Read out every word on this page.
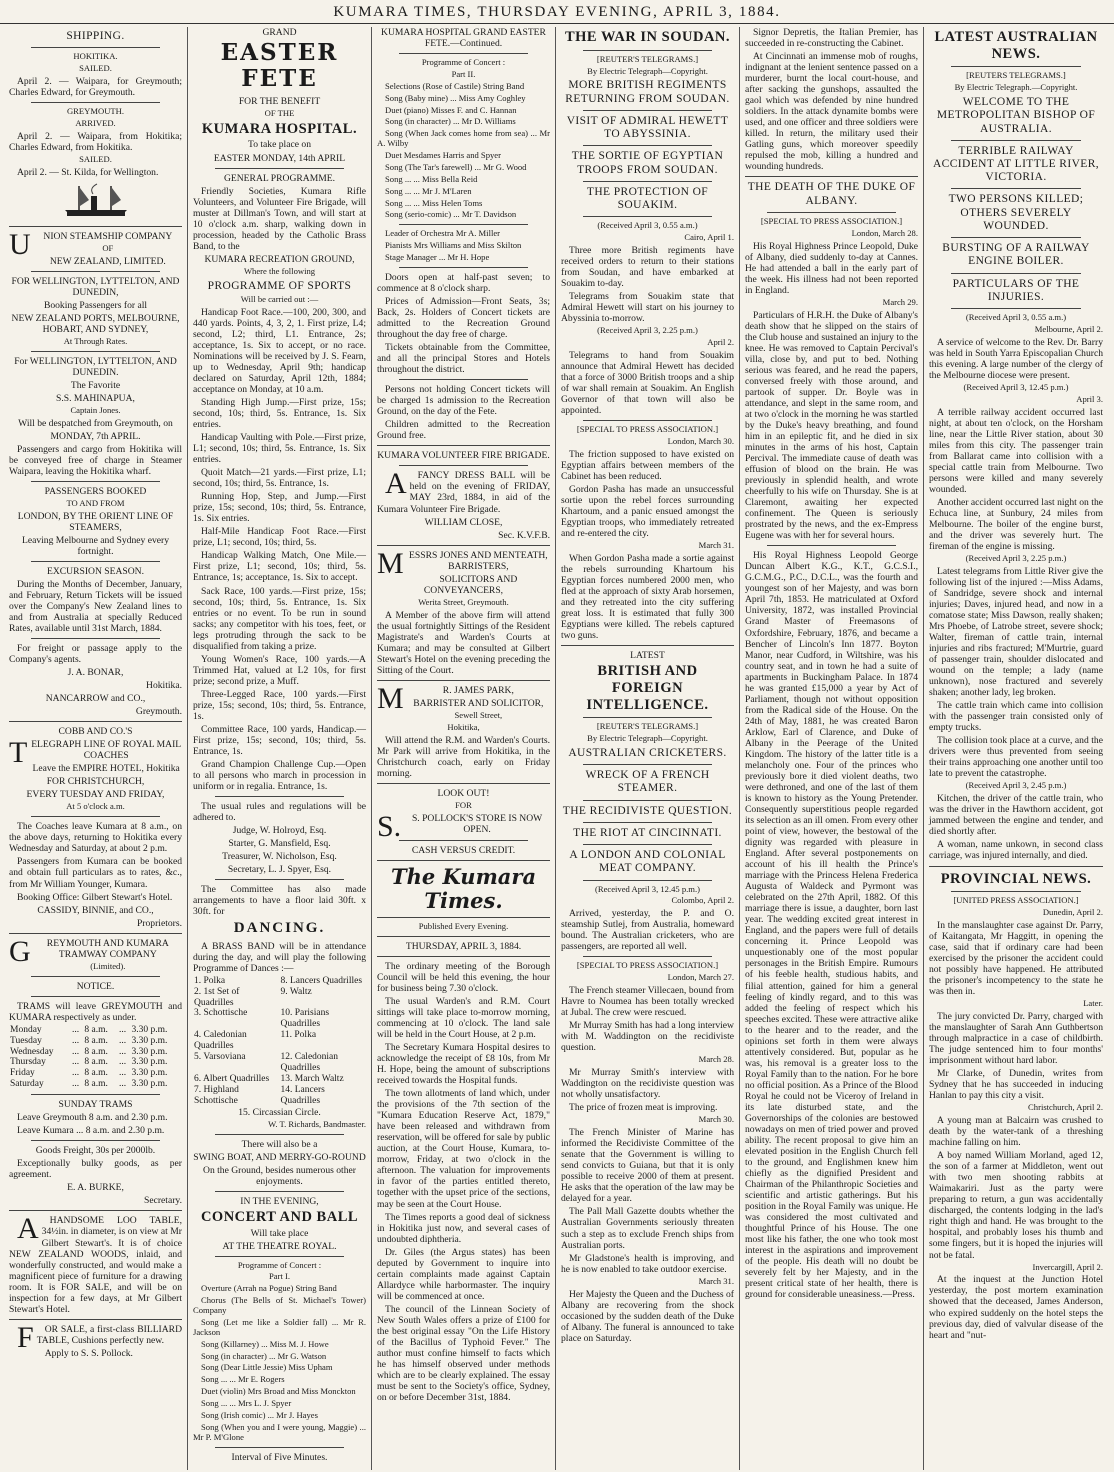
KUMARA TIMES, THURSDAY EVENING, APRIL 3, 1884.

SHIPPING.

HOKITIKA.

SAILED.

April 2. — Waipara, for Greymouth; Charles Edward, for Greymouth.

GREYMOUTH.

ARRIVED.

April 2. — Waipara, from Hokitika; Charles Edward, from Hokitika.

SAILED.

April 2. — St. Kilda, for Wellington.

U NION STEAMSHIP COMPANY

OF

NEW ZEALAND, LIMITED.

FOR WELLINGTON, LYTTELTON, AND DUNEDIN,

Booking Passengers for all

NEW ZEALAND PORTS, MELBOURNE, HOBART, AND SYDNEY,

At Through Rates.

For WELLINGTON, LYTTELTON, AND DUNEDIN.

The Favorite

S.S. MAHINAPUA,

Captain Jones.

Will be despatched from Greymouth, on

MONDAY, 7th APRIL.

Passengers and cargo from Hokitika will be conveyed free of charge in Steamer Waipara, leaving the Hokitika wharf.

PASSENGERS BOOKED

TO AND FROM

LONDON, BY THE ORIENT LINE OF STEAMERS,

Leaving Melbourne and Sydney every fortnight.

EXCURSION SEASON.

During the Months of December, January, and February, Return Tickets will be issued over the Company's New Zealand lines to and from Australia at specially Reduced Rates, available until 31st March, 1884.

For freight or passage apply to the Company's agents.

J. A. BONAR,

Hokitika.

NANCARROW and CO.,

Greymouth.

COBB AND CO.'S

TELEGRAPH LINE OF ROYAL MAIL COACHES

Leave the EMPIRE HOTEL, Hokitika

FOR CHRISTCHURCH,

EVERY TUESDAY AND FRIDAY,

At 5 o'clock a.m.

The Coaches leave Kumara at 8 a.m., on the above days, returning to Hokitika every Wednesday and Saturday, at about 2 p.m.

Passengers from Kumara can be booked and obtain full particulars as to rates, &c., from Mr William Younger, Kumara.

Booking Office: Gilbert Stewart's Hotel.

CASSIDY, BINNIE, and CO.,

Proprietors.

G REYMOUTH AND KUMARA TRAMWAY COMPANY

(Limited).

NOTICE.

TRAMS will leave GREYMOUTH and KUMARA respectively as under.

Monday	...	8 a.m.	...	3.30 p.m.
Tuesday	...	8 a.m.	...	3.30 p.m.
Wednesday	...	8 a.m.	...	3.30 p.m.
Thursday	...	8 a.m.	...	3.30 p.m.
Friday	...	8 a.m.	...	3.30 p.m.
Saturday	...	8 a.m.	...	3.30 p.m.

SUNDAY TRAMS

Leave Greymouth 8 a.m. and 2.30 p.m.

Leave Kumara ... 8 a.m. and 2.30 p.m.

Goods Freight, 30s per 2000lb.

Exceptionally bulky goods, as per agreement.

E. A. BURKE,

Secretary.

A HANDSOME LOO TABLE, 34½in. in diameter, is on view at Mr Gilbert Stewart's. It is of choice NEW ZEALAND WOODS, inlaid, and wonderfully constructed, and would make a magnificent piece of furniture for a drawing room. It is FOR SALE, and will be on inspection for a few days, at Mr Gilbert Stewart's Hotel.

F OR SALE, a first-class BILLIARD TABLE, Cushions perfectly new.

Apply to S. S. Pollock.

GRAND

EASTER FETE

FOR THE BENEFIT

OF THE

KUMARA HOSPITAL.

To take place on

EASTER MONDAY, 14th APRIL

GENERAL PROGRAMME.

Friendly Societies, Kumara Rifle Volunteers, and Volunteer Fire Brigade, will muster at Dillman's Town, and will start at 10 o'clock a.m. sharp, walking down in procession, headed by the Catholic Brass Band, to the

KUMARA RECREATION GROUND,

Where the following

PROGRAMME OF SPORTS

Will be carried out :—

Handicap Foot Race.—100, 200, 300, and 440 yards. Points, 4, 3, 2, 1. First prize, L4; second, L2; third, L1. Entrance, 2s; acceptance, 1s. Six to accept, or no race. Nominations will be received by J. S. Fearn, up to Wednesday, April 9th; handicap declared on Saturday, April 12th, 1884; acceptance on Monday, at 10 a.m.

Standing High Jump.—First prize, 15s; second, 10s; third, 5s. Entrance, 1s. Six entries.

Handicap Vaulting with Pole.—First prize, L1; second, 10s; third, 5s. Entrance, 1s. Six entries.

Quoit Match—21 yards.—First prize, L1; second, 10s; third, 5s. Entrance, 1s.

Running Hop, Step, and Jump.—First prize, 15s; second, 10s; third, 5s. Entrance, 1s. Six entries.

Half-Mile Handicap Foot Race.—First prize, L1; second, 10s; third, 5s.

Handicap Walking Match, One Mile.—First prize, L1; second, 10s; third, 5s. Entrance, 1s; acceptance, 1s. Six to accept.

Sack Race, 100 yards.—First prize, 15s; second, 10s; third, 5s. Entrance, 1s. Six entries or no event. To be run in sound sacks; any competitor with his toes, feet, or legs protruding through the sack to be disqualified from taking a prize.

Young Women's Race, 100 yards.—A Trimmed Hat, valued at L2 10s, for first prize; second prize, a Muff.

Three-Legged Race, 100 yards.—First prize, 15s; second, 10s; third, 5s. Entrance, 1s.

Committee Race, 100 yards, Handicap.—First prize, 15s; second, 10s; third, 5s. Entrance, 1s.

Grand Champion Challenge Cup.—Open to all persons who march in procession in uniform or in regalia. Entrance, 1s.

The usual rules and regulations will be adhered to.

Judge, W. Holroyd, Esq.

Starter, G. Mansfield, Esq.

Treasurer, W. Nicholson, Esq.

Secretary, L. J. Spyer, Esq.

The Committee has also made arrangements to have a floor laid 30ft. x 30ft. for

DANCING.

A BRASS BAND will be in attendance during the day, and will play the following Programme of Dances :—

1. Polka	8. Lancers Quadrilles
2. 1st Set of Quadrilles	9. Waltz
3. Schottische	10. Parisians Quadrilles
4. Caledonian Quadrilles	11. Polka
5. Varsoviana	12. Caledonian Quadrilles
6. Albert Quadrilles	13. March Waltz
7. Highland Schottische	14. Lancers Quadrilles

15. Circassian Circle.

W. T. Richards, Bandmaster.

There will also be a

SWING BOAT, AND MERRY-GO-ROUND

On the Ground, besides numerous other enjoyments.

IN THE EVENING,

CONCERT AND BALL

Will take place

AT THE THEATRE ROYAL.

Programme of Concert :

Part I.

Overture (Arrah na Pogue) String Band

Chorus (The Bells of St. Michael's Tower) Company

Song (Let me like a Soldier fall) ... Mr R. Jackson

Song (Killarney) ... Miss M. J. Howe

Song (in character) ... Mr G. Watson

Song (Dear Little Jessie) Miss Upham

Song ... ... Mr E. Rogers

Duet (violin) Mrs Broad and Miss Monckton

Song ... ... Mrs L. J. Spyer

Song (Irish comic) ... Mr J. Hayes

Song (When you and I were young, Maggie) ... Mr P. M'Glone

Interval of Five Minutes.

KUMARA HOSPITAL GRAND EASTER FETE.—Continued.

Programme of Concert :

Part II.

Selections (Rose of Castile) String Band

Song (Baby mine) ... Miss Amy Coghley

Duet (piano) Misses F. and C. Hannan

Song (in character) ... Mr D. Williams

Song (When Jack comes home from sea) ... Mr A. Wilby

Duet Mesdames Harris and Spyer

Song (The Tar's farewell) ... Mr G. Wood

Song ... ... Miss Bella Reid

Song ... ... Mr J. M'Laren

Song ... ... Miss Helen Toms

Song (serio-comic) ... Mr T. Davidson

Leader of Orchestra Mr A. Miller

Pianists Mrs Williams and Miss Skilton

Stage Manager ... Mr H. Hope

Doors open at half-past seven; to commence at 8 o'clock sharp.

Prices of Admission—Front Seats, 3s; Back, 2s. Holders of Concert tickets are admitted to the Recreation Ground throughout the day free of charge.

Tickets obtainable from the Committee, and all the principal Stores and Hotels throughout the district.

Persons not holding Concert tickets will be charged 1s admission to the Recreation Ground, on the day of the Fete.

Children admitted to the Recreation Ground free.

KUMARA VOLUNTEER FIRE BRIGADE.

A FANCY DRESS BALL will be held on the evening of FRIDAY, MAY 23rd, 1884, in aid of the Kumara Volunteer Fire Brigade.

WILLIAM CLOSE,

Sec. K.V.F.B.

MESSRS JONES AND MENTEATH, BARRISTERS,

SOLICITORS AND CONVEYANCERS,

Werita Street, Greymouth.

A Member of the above firm will attend the usual fortnightly Sittings of the Resident Magistrate's and Warden's Courts at Kumara; and may be consulted at Gilbert Stewart's Hotel on the evening preceding the Sitting of the Court.

M	R. JAMES PARK,

BARRISTER AND SOLICITOR,

Sewell Street,

Hokitika,

Will attend the R.M. and Warden's Courts. Mr Park will arrive from Hokitika, in the Christchurch coach, early on Friday morning.

LOOK OUT!

FOR

S. S. POLLOCK'S STORE IS NOW OPEN.

CASH VERSUS CREDIT.

The Kumara Times.

Published Every Evening.

THURSDAY, APRIL 3, 1884.

The ordinary meeting of the Borough Council will be held this evening, the hour for business being 7.30 o'clock.

The usual Warden's and R.M. Court sittings will take place to-morrow morning, commencing at 10 o'clock. The land sale will be held in the Court House, at 2 p.m.

The Secretary Kumara Hospital desires to acknowledge the receipt of £8 10s, from Mr H. Hope, being the amount of subscriptions received towards the Hospital funds.

The town allotments of land which, under the provisions of the 7th section of the "Kumara Education Reserve Act, 1879," have been released and withdrawn from reservation, will be offered for sale by public auction, at the Court House, Kumara, to-morrow, Friday, at two o'clock in the afternoon. The valuation for improvements in favor of the parties entitled thereto, together with the upset price of the sections, may be seen at the Court House.

The Times reports a good deal of sickness in Hokitika just now, and several cases of undoubted diphtheria.

Dr. Giles (the Argus states) has been deputed by Government to inquire into certain complaints made against Captain Allardyce while harbormaster. The inquiry will be commenced at once.

The council of the Linnean Society of New South Wales offers a prize of £100 for the best original essay "On the Life History of the Bacillus of Typhoid Fever." The author must confine himself to facts which he has himself observed under methods which are to be clearly explained. The essay must be sent to the Society's office, Sydney, on or before December 31st, 1884.

THE WAR IN SOUDAN.

[REUTER'S TELEGRAMS.]

By Electric Telegraph—Copyright.

MORE BRITISH REGIMENTS RETURNING FROM SOUDAN.

VISIT OF ADMIRAL HEWETT TO ABYSSINIA.

THE SORTIE OF EGYPTIAN TROOPS FROM SOUDAN.

THE PROTECTION OF SOUAKIM.

(Received April 3, 0.55 a.m.)

Cairo, April 1.

Three more British regiments have received orders to return to their stations from Soudan, and have embarked at Souakim to-day.

Telegrams from Souakim state that Admiral Hewett will start on his journey to Abyssinia to-morrow.

(Received April 3, 2.25 p.m.)

April 2.

Telegrams to hand from Souakim announce that Admiral Hewett has decided that a force of 3000 British troops and a ship of war shall remain at Souakim. An English Governor of that town will also be appointed.

[SPECIAL TO PRESS ASSOCIATION.]

London, March 30.

The friction supposed to have existed on Egyptian affairs between members of the Cabinet has been reduced.

Gordon Pasha has made an unsuccessful sortie upon the rebel forces surrounding Khartoum, and a panic ensued amongst the Egyptian troops, who immediately retreated and re-entered the city.

March 31.

When Gordon Pasha made a sortie against the rebels surrounding Khartoum his Egyptian forces numbered 2000 men, who fled at the approach of sixty Arab horsemen, and they retreated into the city suffering great loss. It is estimated that fully 300 Egyptians were killed. The rebels captured two guns.

LATEST

BRITISH AND FOREIGN INTELLIGENCE.

[REUTER'S TELEGRAMS.]

By Electric Telegraph—Copyright.

AUSTRALIAN CRICKETERS.

WRECK OF A FRENCH STEAMER.

THE RECIDIVISTE QUESTION.

THE RIOT AT CINCINNATI.

A LONDON AND COLONIAL MEAT COMPANY.

(Received April 3, 12.45 p.m.)

Colombo, April 2.

Arrived, yesterday, the P. and O. steamship Sutlej, from Australia, homeward bound. The Australian cricketers, who are passengers, are reported all well.

[SPECIAL TO PRESS ASSOCIATION.]

London, March 27.

The French steamer Villecaen, bound from Havre to Noumea has been totally wrecked at Jubal. The crew were rescued.

Mr Murray Smith has had a long interview with M. Waddington on the recidiviste question.

March 28.

Mr Murray Smith's interview with Waddington on the recidiviste question was not wholly unsatisfactory.

The price of frozen meat is improving.

March 30.

The French Minister of Marine has informed the Recidiviste Committee of the senate that the Government is willing to send convicts to Guiana, but that it is only possible to receive 2000 of them at present. He asks that the operation of the law may be delayed for a year.

The Pall Mall Gazette doubts whether the Australian Governments seriously threaten such a step as to exclude French ships from Australian ports.

Mr Gladstone's health is improving, and he is now enabled to take outdoor exercise.

March 31.

Her Majesty the Queen and the Duchess of Albany are recovering from the shock occasioned by the sudden death of the Duke of Albany. The funeral is announced to take place on Saturday.

Signor Depretis, the Italian Premier, has succeeded in re-constructing the Cabinet.

At Cincinnati an immense mob of roughs, indignant at the lenient sentence passed on a murderer, burnt the local court-house, and after sacking the gunshops, assaulted the gaol which was defended by nine hundred soldiers. In the attack dynamite bombs were used, and one officer and three soldiers were killed. In return, the military used their Gatling guns, which moreover speedily repulsed the mob, killing a hundred and wounding hundreds.

THE DEATH OF THE DUKE OF ALBANY.

[SPECIAL TO PRESS ASSOCIATION.]

London, March 28.

His Royal Highness Prince Leopold, Duke of Albany, died suddenly to-day at Cannes. He had attended a ball in the early part of the week. His illness had not been reported in England.

March 29.

Particulars of H.R.H. the Duke of Albany's death show that he slipped on the stairs of the Club house and sustained an injury to the knee. He was removed to Captain Percival's villa, close by, and put to bed. Nothing serious was feared, and he read the papers, conversed freely with those around, and partook of supper. Dr. Boyle was in attendance, and slept in the same room, and at two o'clock in the morning he was startled by the Duke's heavy breathing, and found him in an epileptic fit, and he died in six minutes in the arms of his host, Captain Percival. The immediate cause of death was effusion of blood on the brain. He was previously in splendid health, and wrote cheerfully to his wife on Thursday. She is at Claremont, awaiting her expected confinement. The Queen is seriously prostrated by the news, and the ex-Empress Eugene was with her for several hours.

His Royal Highness Leopold George Duncan Albert K.G., K.T., G.C.S.I., G.C.M.G., P.C., D.C.L., was the fourth and youngest son of her Majesty, and was born April 7th, 1853. He matriculated at Oxford University, 1872, was installed Provincial Grand Master of Freemasons of Oxfordshire, February, 1876, and became a Bencher of Lincoln's Inn 1877. Boyton Manor, near Cudford, in Wiltshire, was his country seat, and in town he had a suite of apartments in Buckingham Palace. In 1874 he was granted £15,000 a year by Act of Parliament, though not without opposition from the Radical side of the House. On the 24th of May, 1881, he was created Baron Arklow, Earl of Clarence, and Duke of Albany in the Peerage of the United Kingdom. The history of the latter title is a melancholy one. Four of the princes who previously bore it died violent deaths, two were dethroned, and one of the last of them is known to history as the Young Pretender. Consequently superstitious people regarded its selection as an ill omen. From every other point of view, however, the bestowal of the dignity was regarded with pleasure in England. After several postponements on account of his ill health the Prince's marriage with the Princess Helena Frederica Augusta of Waldeck and Pyrmont was celebrated on the 27th April, 1882. Of this marriage there is issue, a daughter, born last year. The wedding excited great interest in England, and the papers were full of details concerning it. Prince Leopold was unquestionably one of the most popular personages in the British Empire. Rumours of his feeble health, studious habits, and filial attention, gained for him a general feeling of kindly regard, and to this was added the feeling of respect which his speeches excited. These were attractive alike to the hearer and to the reader, and the opinions set forth in them were always attentively considered. But, popular as he was, his removal is a greater loss to the Royal Family than to the nation. For he bore no official position. As a Prince of the Blood Royal he could not be Viceroy of Ireland in its late disturbed state, and the Governorships of the colonies are bestowed nowadays on men of tried power and proved ability. The recent proposal to give him an elevated position in the English Church fell to the ground, and Englishmen knew him chiefly as the dignified President and Chairman of the Philanthropic Societies and scientific and artistic gatherings. But his position in the Royal Family was unique. He was considered the most cultivated and thoughtful Prince of his House. The one most like his father, the one who took most interest in the aspirations and improvement of the people. His death will no doubt be severely felt by her Majesty, and in the present critical state of her health, there is ground for considerable uneasiness.—Press.

LATEST AUSTRALIAN NEWS.

[REUTERS TELEGRAMS.]

By Electric Telegraph.—Copyright.

WELCOME TO THE METROPOLITAN BISHOP OF AUSTRALIA.

TERRIBLE RAILWAY ACCIDENT AT LITTLE RIVER, VICTORIA.

TWO PERSONS KILLED; OTHERS SEVERELY WOUNDED.

BURSTING OF A RAILWAY ENGINE BOILER.

PARTICULARS OF THE INJURIES.

(Received April 3, 0.55 a.m.)

Melbourne, April 2.

A service of welcome to the Rev. Dr. Barry was held in South Yarra Episcopalian Church this evening. A large number of the clergy of the Melbourne diocese were present.

(Received April 3, 12.45 p.m.)

April 3.

A terrible railway accident occurred last night, at about ten o'clock, on the Horsham line, near the Little River station, about 30 miles from this city. The passenger train from Ballarat came into collision with a special cattle train from Melbourne. Two persons were killed and many severely wounded.

Another accident occurred last night on the Echuca line, at Sunbury, 24 miles from Melbourne. The boiler of the engine burst, and the driver was severely hurt. The fireman of the engine is missing.

(Received April 3, 2.25 p.m.)

Latest telegrams from Little River give the following list of the injured :—Miss Adams, of Sandridge, severe shock and internal injuries; Daves, injured head, and now in a comatose state; Miss Dawson, really shaken; Mrs Phoebe, of Latrobe street, severe shock; Walter, fireman of cattle train, internal injuries and ribs fractured; M'Murtrie, guard of passenger train, shoulder dislocated and wound on the temple; a lady (name unknown), nose fractured and severely shaken; another lady, leg broken.

The cattle train which came into collision with the passenger train consisted only of empty trucks.

The collision took place at a curve, and the drivers were thus prevented from seeing their trains approaching one another until too late to prevent the catastrophe.

(Received April 3, 2.45 p.m.)

Kitchen, the driver of the cattle train, who was the driver in the Hawthorn accident, got jammed between the engine and tender, and died shortly after.

A woman, name unkown, in second class carriage, was injured internally, and died.

PROVINCIAL NEWS.

[UNITED PRESS ASSOCIATION.]

Dunedin, April 2.

In the manslaughter case against Dr. Parry, of Kaitangata, Mr Haggitt, in opening the case, said that if ordinary care had been exercised by the prisoner the accident could not possibly have happened. He attributed the prisoner's incompetency to the state he was then in.

Later.

The jury convicted Dr. Parry, charged with the manslaughter of Sarah Ann Guthbertson through malpractice in a case of childbirth. The judge sentenced him to four months' imprisonment without hard labor.

Mr Clarke, of Dunedin, writes from Sydney that he has succeeded in inducing Hanlan to pay this city a visit.

Christchurch, April 2.

A young man at Balcairn was crushed to death by the water-tank of a threshing machine falling on him.

A boy named William Morland, aged 12, the son of a farmer at Middleton, went out with two men shooting rabbits at Waimakariri. Just as the party were preparing to return, a gun was accidentally discharged, the contents lodging in the lad's right thigh and hand. He was brought to the hospital, and probably loses his thumb and some fingers, but it is hoped the injuries will not be fatal.

Invercargill, April 2.

At the inquest at the Junction Hotel yesterday, the post mortem examination showed that the deceased, James Anderson, who expired suddenly on the hotel steps the previous day, died of valvular disease of the heart and "nut-
